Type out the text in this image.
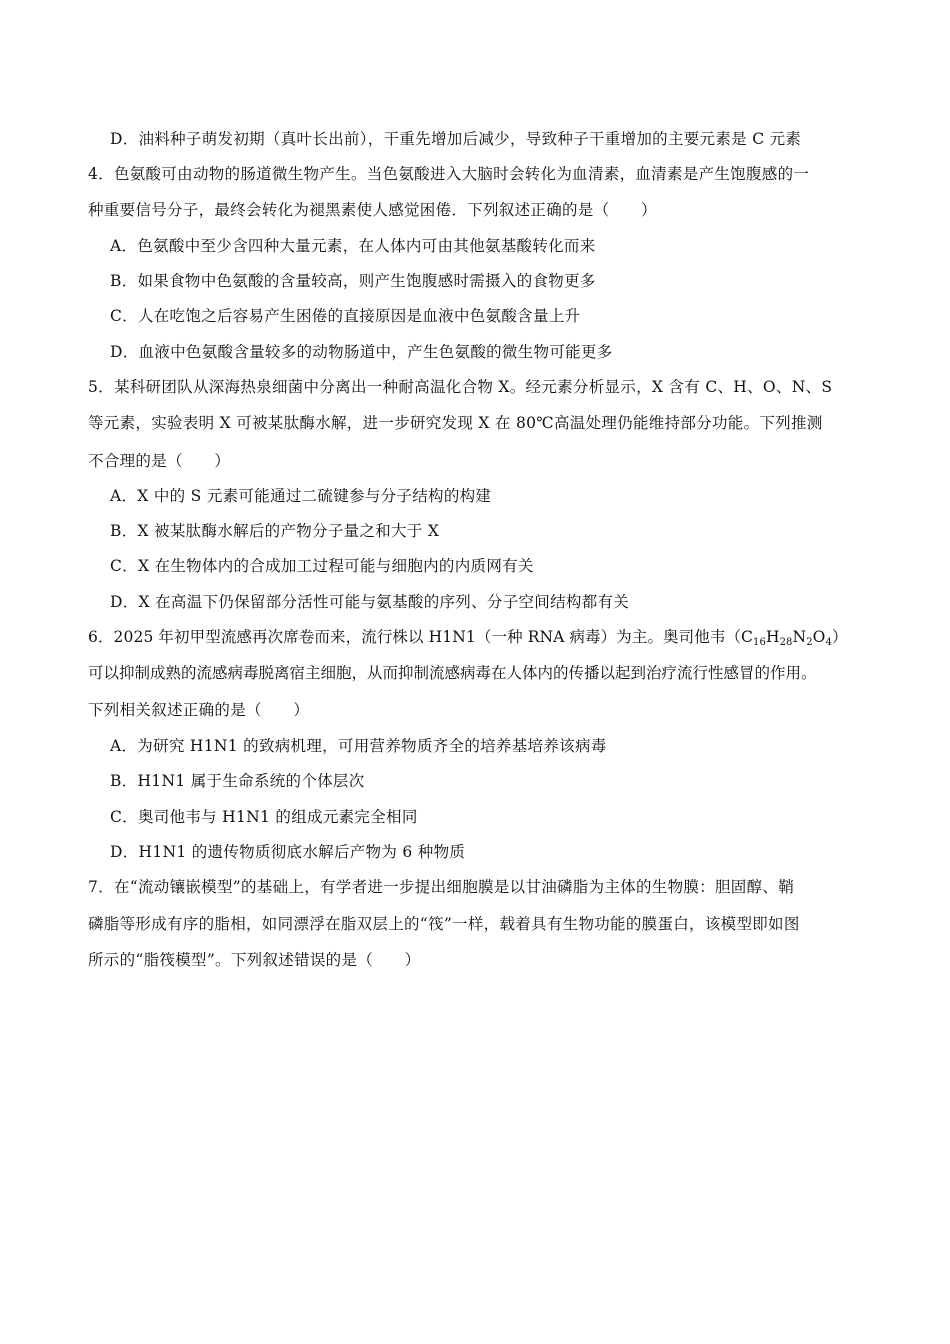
D．油料种子萌发初期（真叶长出前），干重先增加后减少，导致种子干重增加的主要元素是 C 元素
4．色氨酸可由动物的肠道微生物产生。当色氨酸进入大脑时会转化为血清素，血清素是产生饱腹感的一
种重要信号分子，最终会转化为褪黑素使人感觉困倦．下列叙述正确的是（　　）
A．色氨酸中至少含四种大量元素，在人体内可由其他氨基酸转化而来
B．如果食物中色氨酸的含量较高，则产生饱腹感时需摄入的食物更多
C．人在吃饱之后容易产生困倦的直接原因是血液中色氨酸含量上升
D．血液中色氨酸含量较多的动物肠道中，产生色氨酸的微生物可能更多
5．某科研团队从深海热泉细菌中分离出一种耐高温化合物 X。经元素分析显示，X 含有 C、H、O、N、S
等元素，实验表明 X 可被某肽酶水解，进一步研究发现 X 在 80℃高温处理仍能维持部分功能。下列推测
不合理的是（　　）
A．X 中的 S 元素可能通过二硫键参与分子结构的构建
B．X 被某肽酶水解后的产物分子量之和大于 X
C．X 在生物体内的合成加工过程可能与细胞内的内质网有关
D．X 在高温下仍保留部分活性可能与氨基酸的序列、分子空间结构都有关
6．2025 年初甲型流感再次席卷而来，流行株以 H1N1（一种 RNA 病毒）为主。奥司他韦$(C_{16}H_{28}N_2O_4)$
可以抑制成熟的流感病毒脱离宿主细胞，从而抑制流感病毒在人体内的传播以起到治疗流行性感冒的作用。
下列相关叙述正确的是（　　）
A．为研究 H1N1 的致病机理，可用营养物质齐全的培养基培养该病毒
B．H1N1 属于生命系统的个体层次
C．奥司他韦与 H1N1 的组成元素完全相同
D．H1N1 的遗传物质彻底水解后产物为 6 种物质
7．在“流动镶嵌模型”的基础上，有学者进一步提出细胞膜是以甘油磷脂为主体的生物膜：胆固醇、鞘
磷脂等形成有序的脂相，如同漂浮在脂双层上的“筏”一样，载着具有生物功能的膜蛋白，该模型即如图
所示的“脂筏模型”。下列叙述错误的是（　　）
